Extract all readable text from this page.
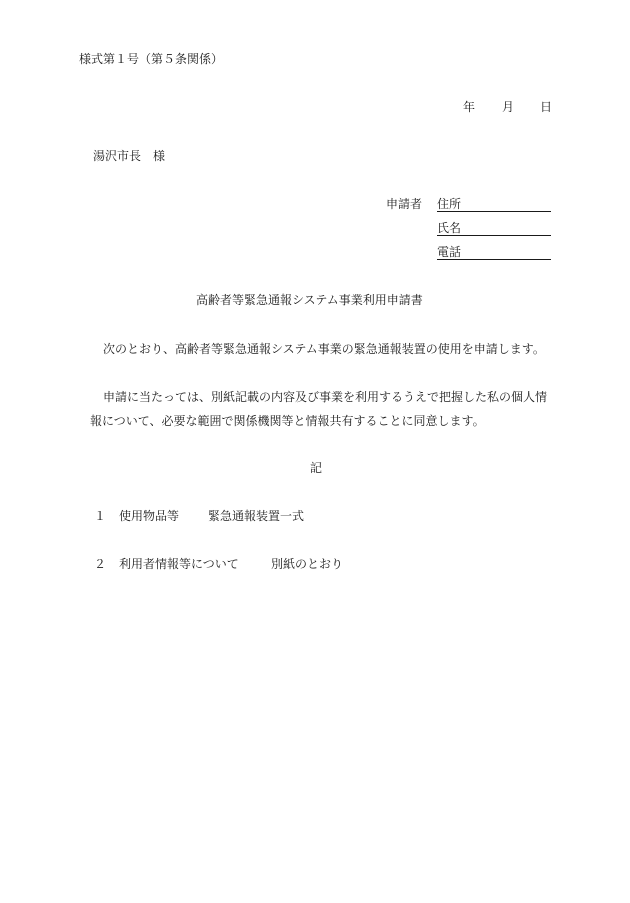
様式第１号（第５条関係）
年 月 日
湯沢市長　様
申請者 住所
氏名
電話
高齢者等緊急通報システム事業利用申請書
次のとおり、高齢者等緊急通報システム事業の緊急通報装置の使用を申請します。
申請に当たっては、別紙記載の内容及び事業を利用するうえで把握した私の個人情報について、必要な範囲で関係機関等と情報共有することに同意します。
記
１ 使用物品等 緊急通報装置一式
２ 利用者情報等について	別紙のとおり
